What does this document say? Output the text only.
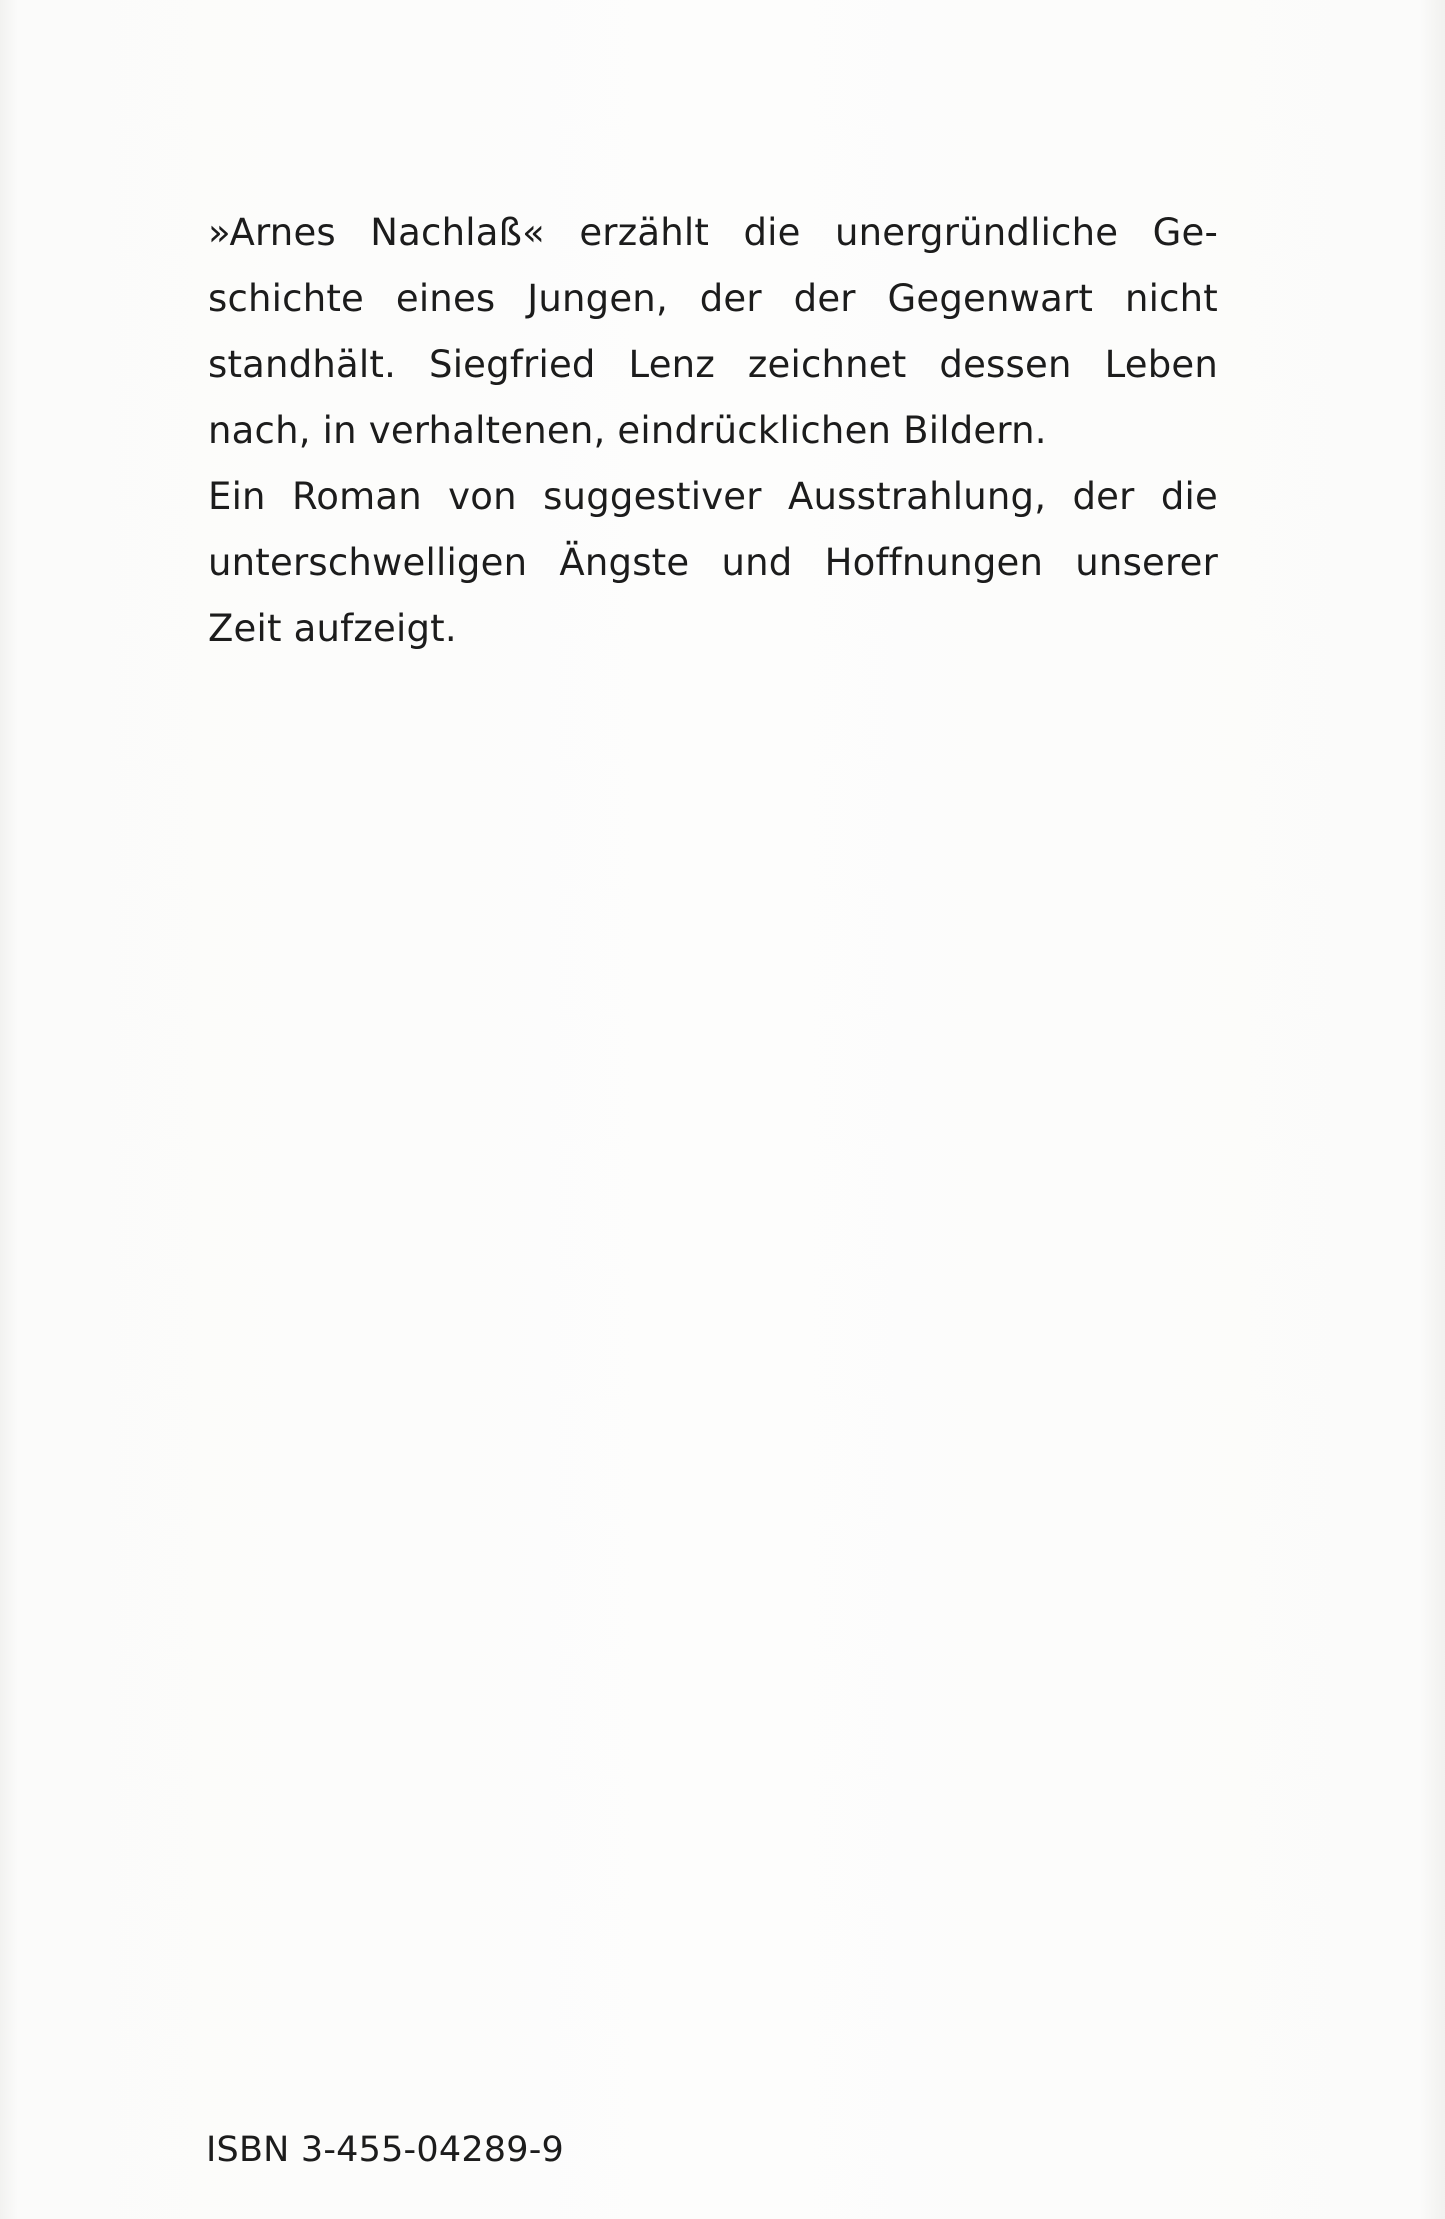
»Arnes Nachlaß« erzählt die unergründliche Ge-
schichte eines Jungen, der der Gegenwart nicht
standhält. Siegfried Lenz zeichnet dessen Leben
nach, in verhaltenen, eindrücklichen Bildern.
Ein Roman von suggestiver Ausstrahlung, der die
unterschwelligen Ängste und Hoffnungen unserer
Zeit aufzeigt.

ISBN 3-455-04289-9
